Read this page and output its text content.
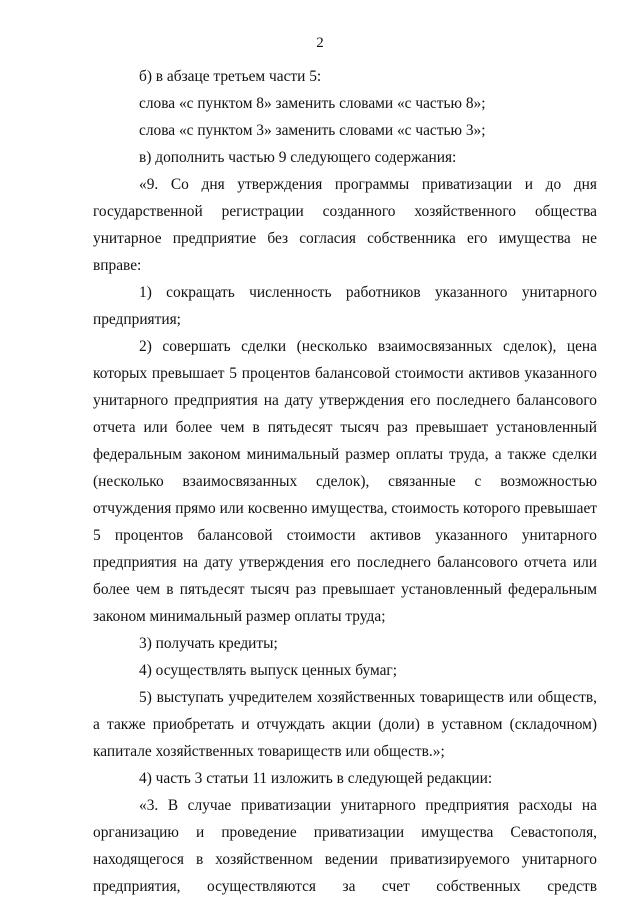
2

б) в абзаце третьем части 5:

слова «с пунктом 8» заменить словами «с частью 8»;

слова «с пунктом 3» заменить словами «с частью 3»;

в) дополнить частью 9 следующего содержания:

«9. Со дня утверждения программы приватизации и до дня государственной регистрации созданного хозяйственного общества унитарное предприятие без согласия собственника его имущества не вправе:

1) сокращать численность работников указанного унитарного предприятия;

2) совершать сделки (несколько взаимосвязанных сделок), цена которых превышает 5 процентов балансовой стоимости активов указанного унитарного предприятия на дату утверждения его последнего балансового отчета или более чем в пятьдесят тысяч раз превышает установленный федеральным законом минимальный размер оплаты труда, а также сделки (несколько взаимосвязанных сделок), связанные с возможностью отчуждения прямо или косвенно имущества, стоимость которого превышает 5 процентов балансовой стоимости активов указанного унитарного предприятия на дату утверждения его последнего балансового отчета или более чем в пятьдесят тысяч раз превышает установленный федеральным законом минимальный размер оплаты труда;

3) получать кредиты;

4) осуществлять выпуск ценных бумаг;

5) выступать учредителем хозяйственных товариществ или обществ, а также приобретать и отчуждать акции (доли) в уставном (складочном) капитале хозяйственных товариществ или обществ.»;

4) часть 3 статьи 11 изложить в следующей редакции:

«3. В случае приватизации унитарного предприятия расходы на организацию и проведение приватизации имущества Севастополя, находящегося в хозяйственном ведении приватизируемого унитарного предприятия, осуществляются за счет собственных средств
